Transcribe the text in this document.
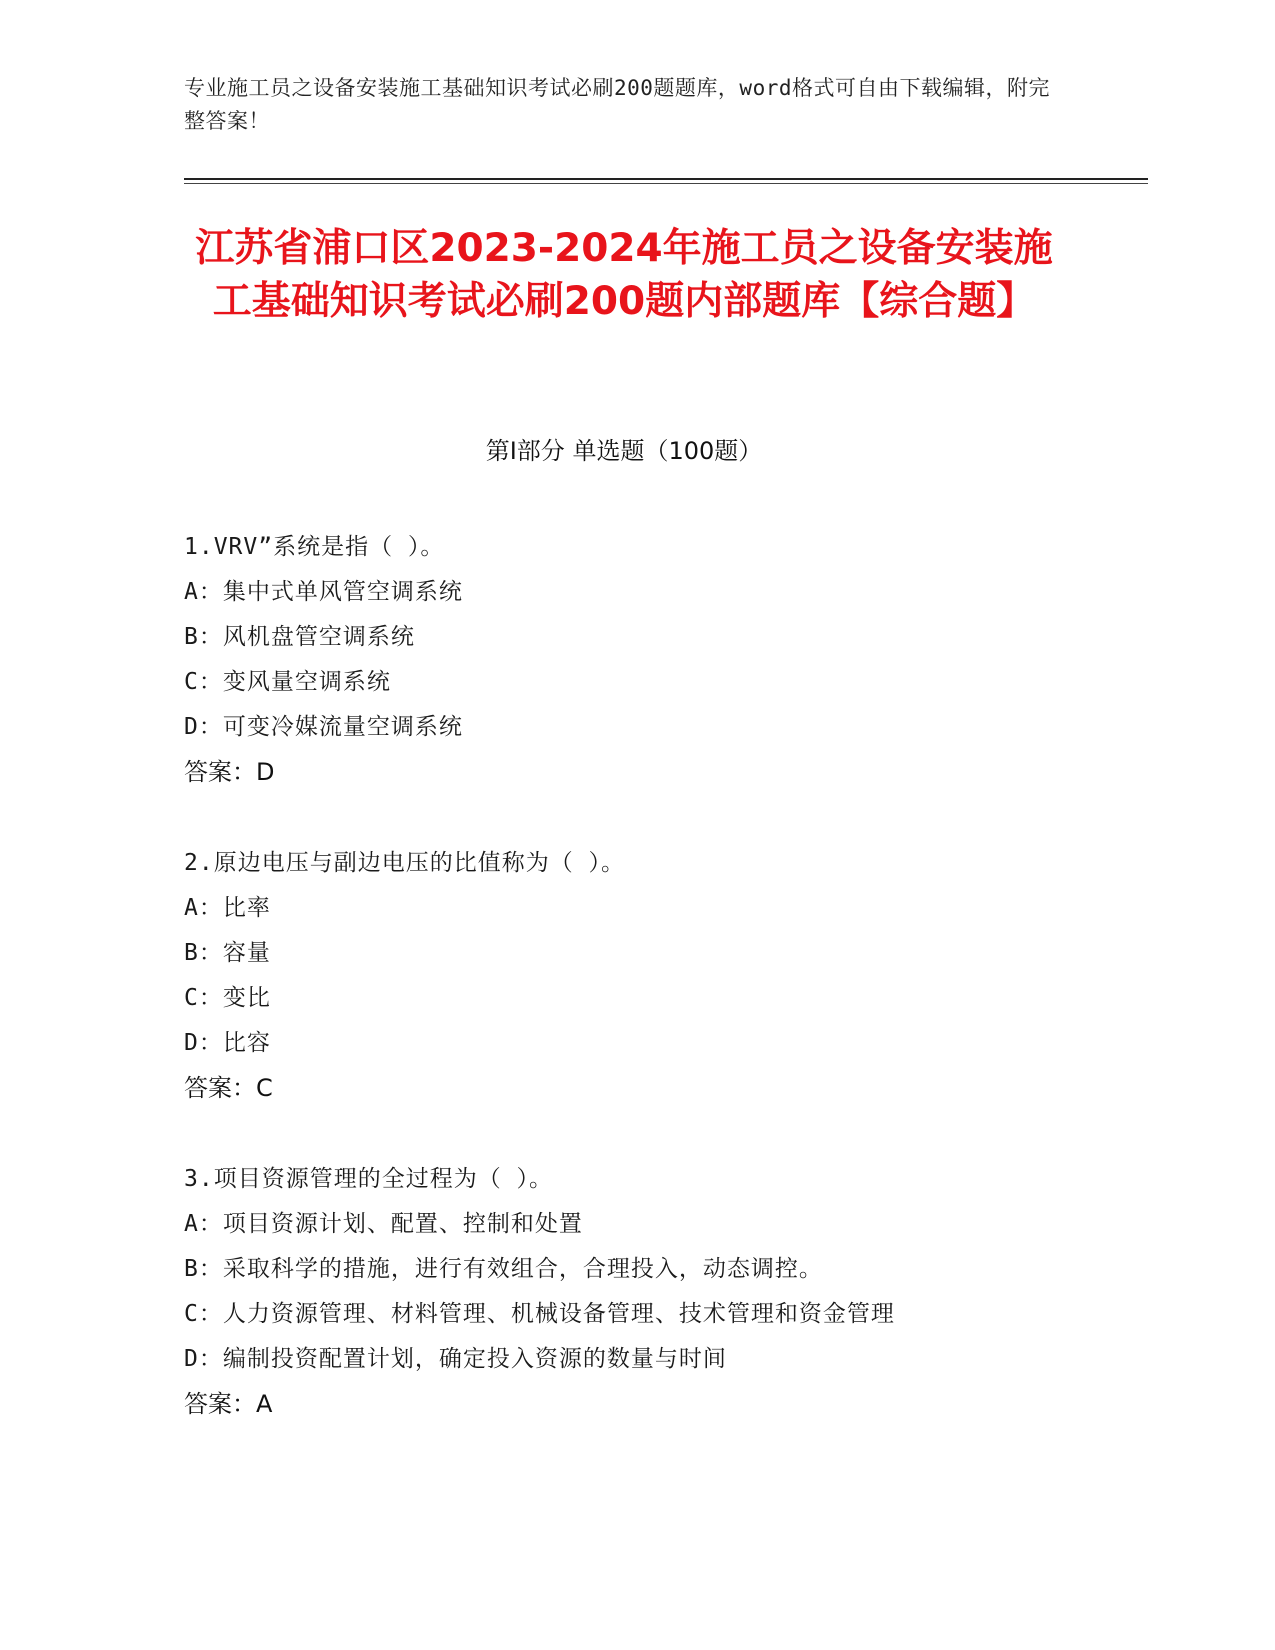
专业施工员之设备安装施工基础知识考试必刷200题题库，word格式可自由下载编辑，附完整答案！
江苏省浦口区2023-2024年施工员之设备安装施工基础知识考试必刷200题内部题库【综合题】
第Ⅰ部分 单选题（100题）
1.VRV”系统是指（ ）。
A：集中式单风管空调系统
B：风机盘管空调系统
C：变风量空调系统
D：可变冷媒流量空调系统
答案：D
2.原边电压与副边电压的比值称为（ ）。
A：比率
B：容量
C：变比
D：比容
答案：C
3.项目资源管理的全过程为（ ）。
A：项目资源计划、配置、控制和处置
B：采取科学的措施，进行有效组合，合理投入，动态调控。
C：人力资源管理、材料管理、机械设备管理、技术管理和资金管理
D：编制投资配置计划，确定投入资源的数量与时间
答案：A
